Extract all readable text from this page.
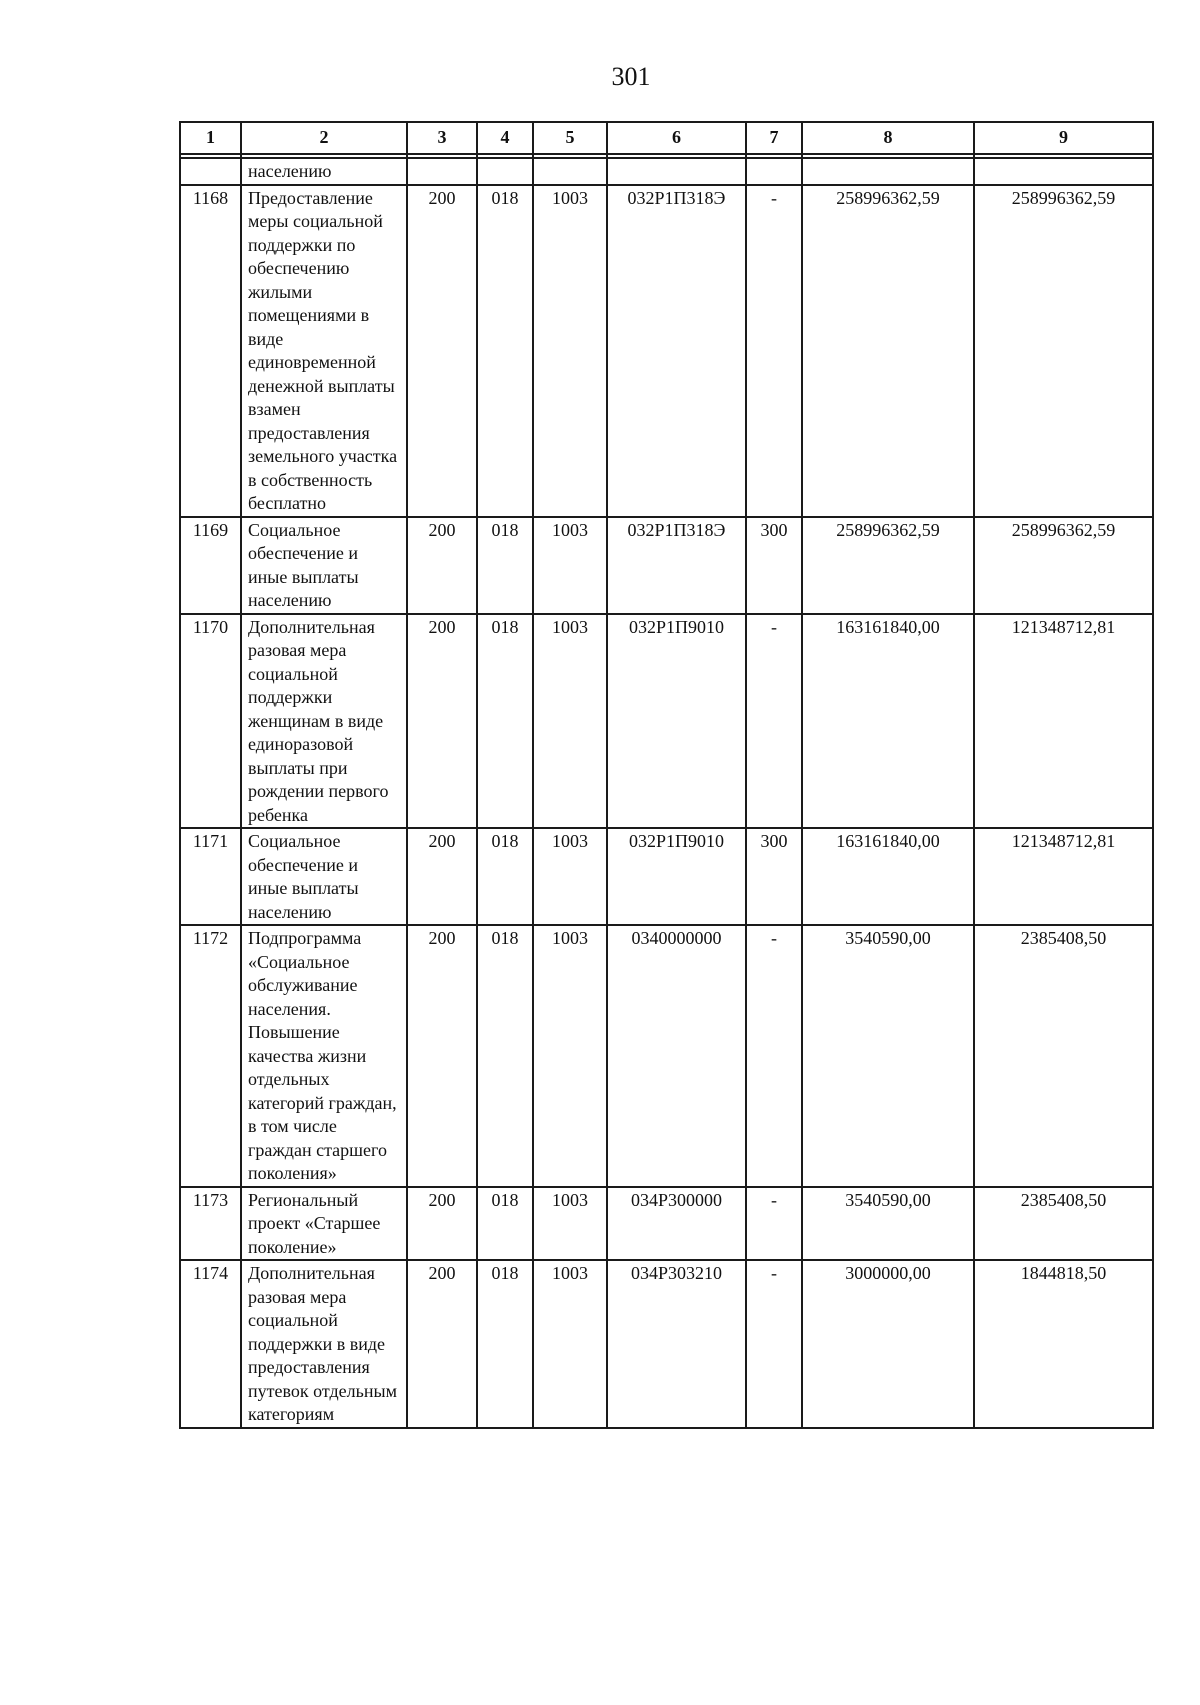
301
1	2	3	4	5	6	7	8	9

	населению							
1168	Предоставление меры социальной поддержки по обеспечению жилыми помещениями в виде единовременной денежной выплаты взамен предоставления земельного участка в собственность бесплатно	200	018	1003	032Р1П318Э	-	258996362,59	258996362,59
1169	Социальное обеспечение и иные выплаты населению	200	018	1003	032Р1П318Э	300	258996362,59	258996362,59
1170	Дополнительная разовая мера социальной поддержки женщинам в виде единоразовой выплаты при рождении первого ребенка	200	018	1003	032Р1П9010	-	163161840,00	121348712,81
1171	Социальное обеспечение и иные выплаты населению	200	018	1003	032Р1П9010	300	163161840,00	121348712,81
1172	Подпрограмма «Социальное обслуживание населения. Повышение качества жизни отдельных категорий граждан, в том числе граждан старшего поколения»	200	018	1003	0340000000	-	3540590,00	2385408,50
1173	Региональный проект «Старшее поколение»	200	018	1003	034Р300000	-	3540590,00	2385408,50
1174	Дополнительная разовая мера социальной поддержки в виде предоставления путевок отдельным категориям	200	018	1003	034Р303210	-	3000000,00	1844818,50
